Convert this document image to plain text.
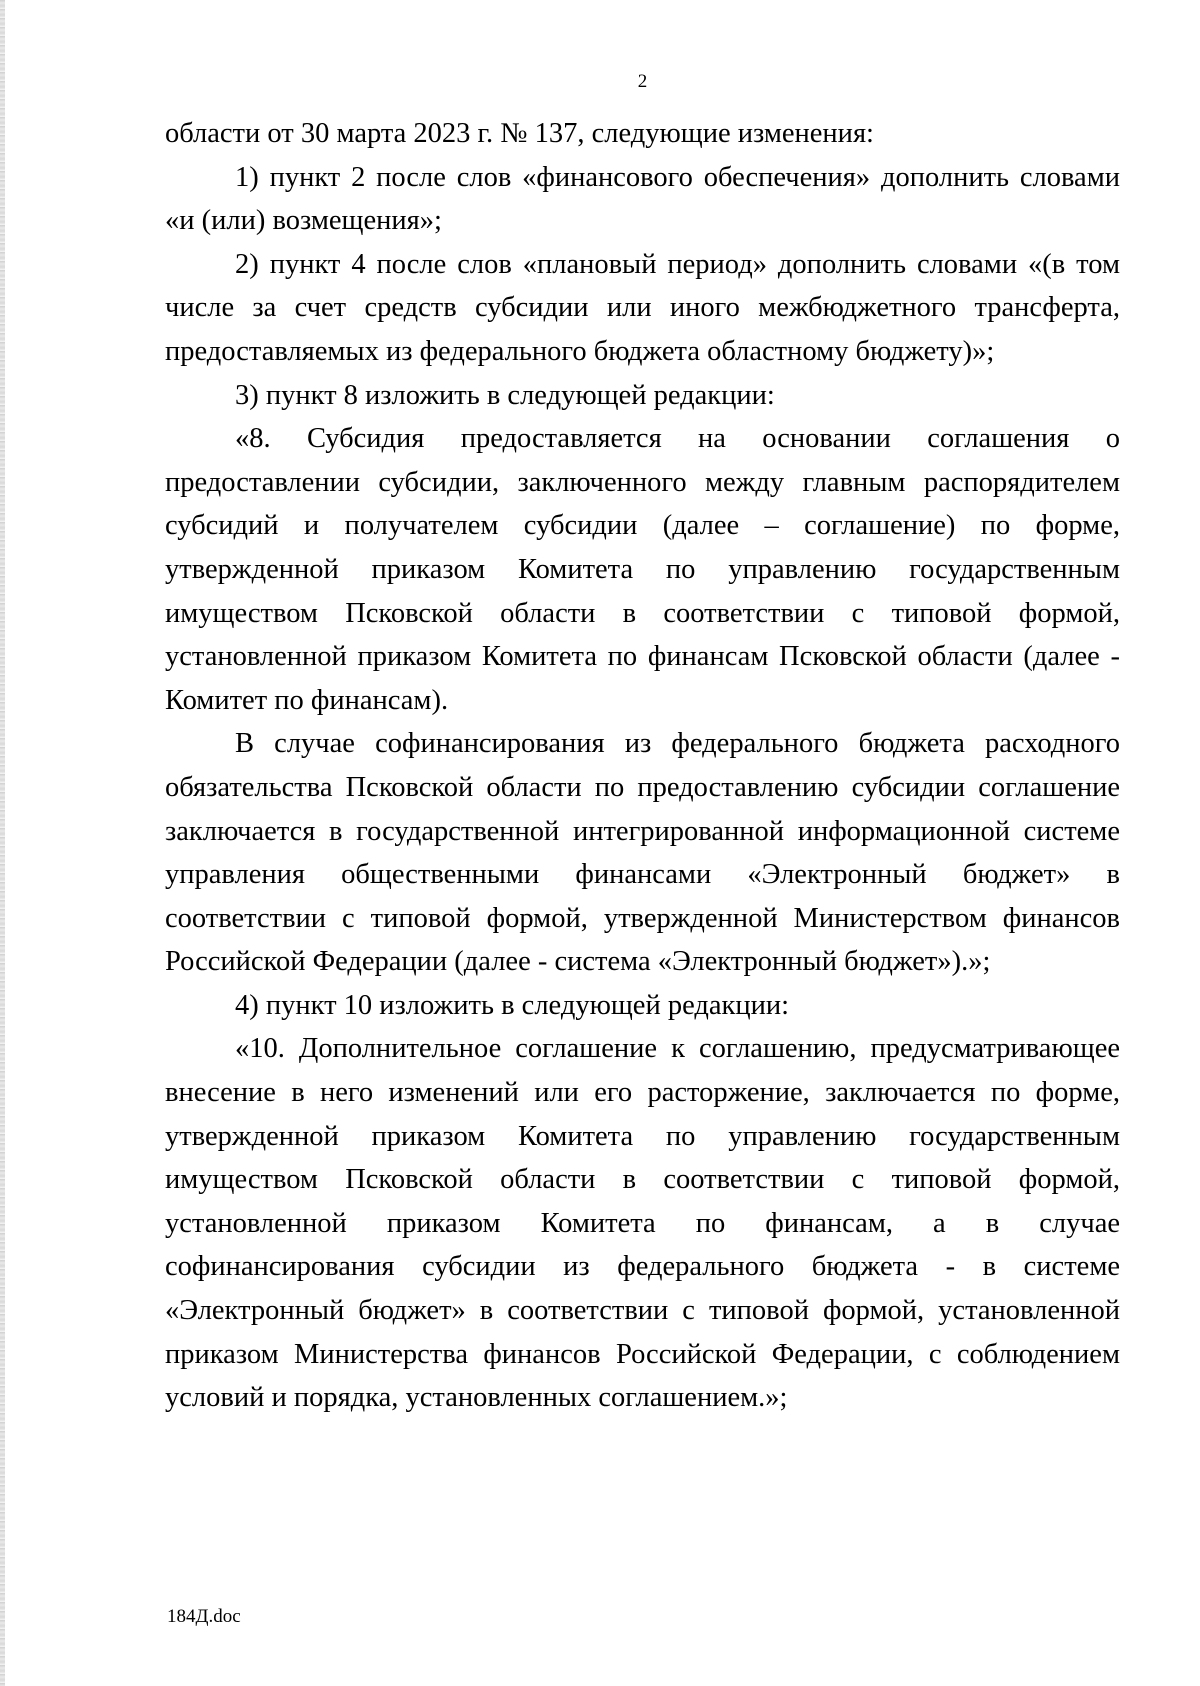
2

области от 30 марта 2023 г. № 137, следующие изменения:

1) пункт 2 после слов «финансового обеспечения» дополнить словами «и (или) возмещения»;

2) пункт 4 после слов «плановый период» дополнить словами «(в том числе за счет средств субсидии или иного межбюджетного трансферта, предоставляемых из федерального бюджета областному бюджету)»;

3) пункт 8 изложить в следующей редакции:

«8. Субсидия предоставляется на основании соглашения о предоставлении субсидии, заключенного между главным распорядителем субсидий и получателем субсидии (далее – соглашение) по форме, утвержденной приказом Комитета по управлению государственным имуществом Псковской области в соответствии с типовой формой, установленной приказом Комитета по финансам Псковской области (далее - Комитет по финансам).

В случае софинансирования из федерального бюджета расходного обязательства Псковской области по предоставлению субсидии соглашение заключается в государственной интегрированной информационной системе управления общественными финансами «Электронный бюджет» в соответствии с типовой формой, утвержденной Министерством финансов Российской Федерации (далее - система «Электронный бюджет»).»;

4) пункт 10 изложить в следующей редакции:

«10. Дополнительное соглашение к соглашению, предусматривающее внесение в него изменений или его расторжение, заключается по форме, утвержденной приказом Комитета по управлению государственным имуществом Псковской области в соответствии с типовой формой, установленной приказом Комитета по финансам, а в случае софинансирования субсидии из федерального бюджета - в системе «Электронный бюджет» в соответствии с типовой формой, установленной приказом Министерства финансов Российской Федерации, с соблюдением условий и порядка, установленных соглашением.»;

184Д.doc
